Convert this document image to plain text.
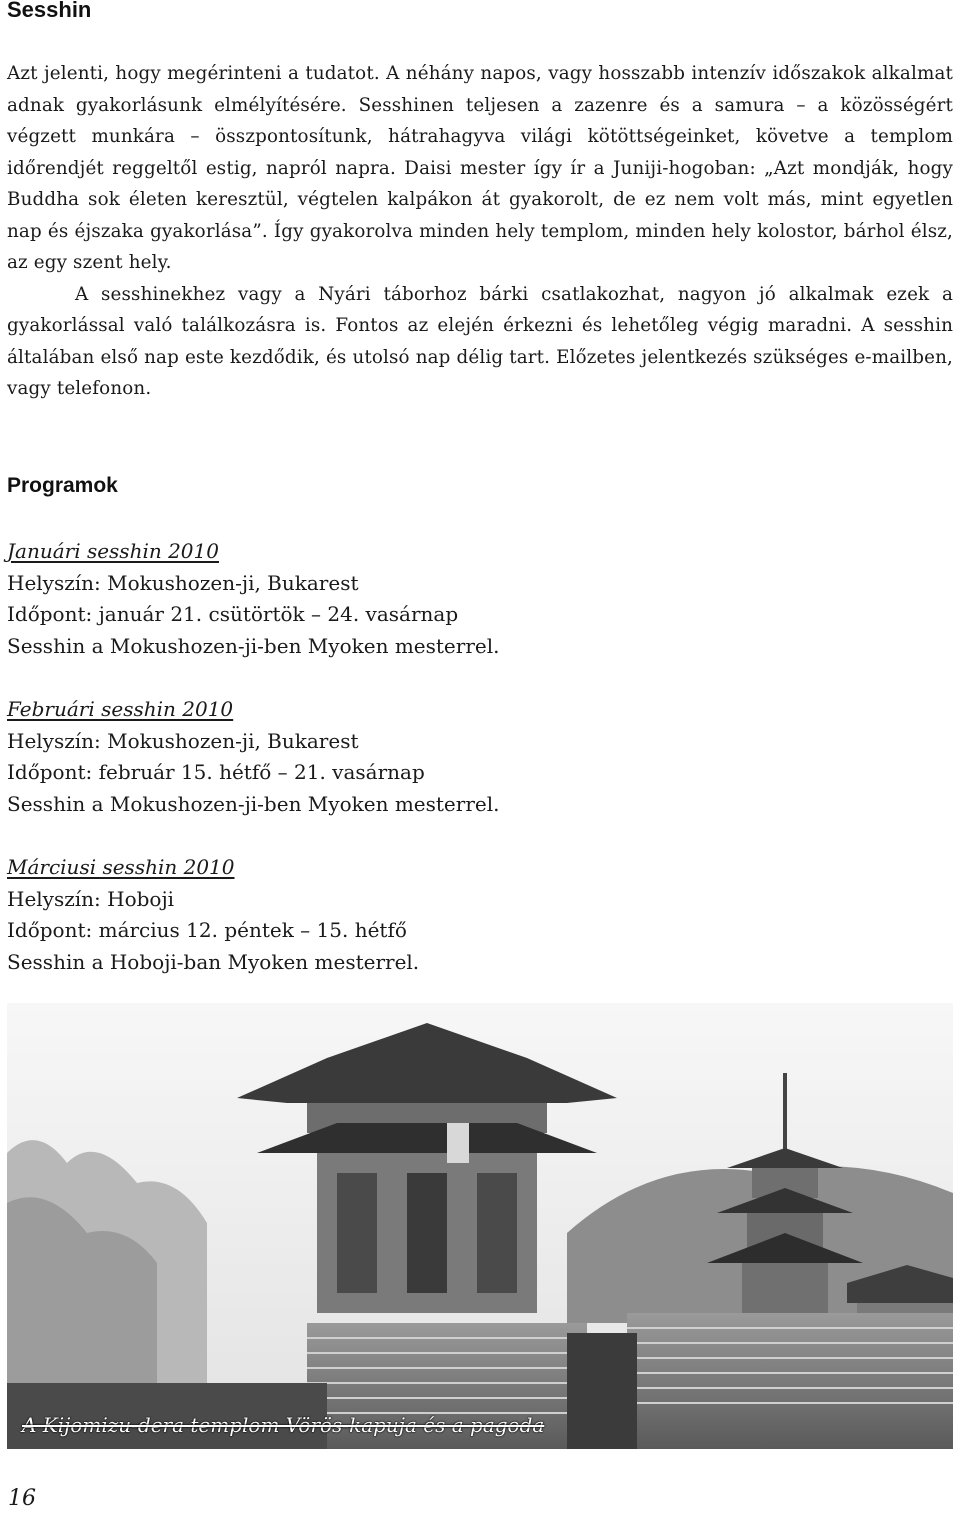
Sesshin

Azt jelenti, hogy megérinteni a tudatot. A néhány napos, vagy hosszabb intenzív időszakok alkalmat adnak gyakorlásunk elmélyítésére. Sesshinen teljesen a zazenre és a samura – a közösségért végzett munkára – összpontosítunk, hátrahagyva világi kötöttségeinket, követve a templom időrendjét reggeltől estig, napról napra. Daisi mester így ír a Juniji-hogoban: „Azt mondják, hogy Buddha sok életen keresztül, végtelen kalpákon át gyakorolt, de ez nem volt más, mint egyetlen nap és éjszaka gyakorlása”. Így gyakorolva minden hely templom, minden hely kolostor, bárhol élsz, az egy szent hely.

A sesshinekhez vagy a Nyári táborhoz bárki csatlakozhat, nagyon jó alkalmak ezek a gyakorlással való találkozásra is. Fontos az elején érkezni és lehetőleg végig maradni. A sesshin általában első nap este kezdődik, és utolsó nap délig tart. Előzetes jelentkezés szükséges e-mailben, vagy telefonon.

Programok
Januári sesshin 2010
Helyszín: Mokushozen-ji, Bukarest
Időpont: január 21. csütörtök – 24. vasárnap
Sesshin a Mokushozen-ji-ben Myoken mesterrel.
Februári sesshin 2010
Helyszín: Mokushozen-ji, Bukarest
Időpont: február 15. hétfő – 21. vasárnap
Sesshin a Mokushozen-ji-ben Myoken mesterrel.
Márciusi sesshin 2010
Helyszín: Hoboji
Időpont: március 12. péntek – 15. hétfő
Sesshin a Hoboji-ban Myoken mesterrel.
A Kijomizu-dera templom Vörös-kapuja és a pagoda
16
